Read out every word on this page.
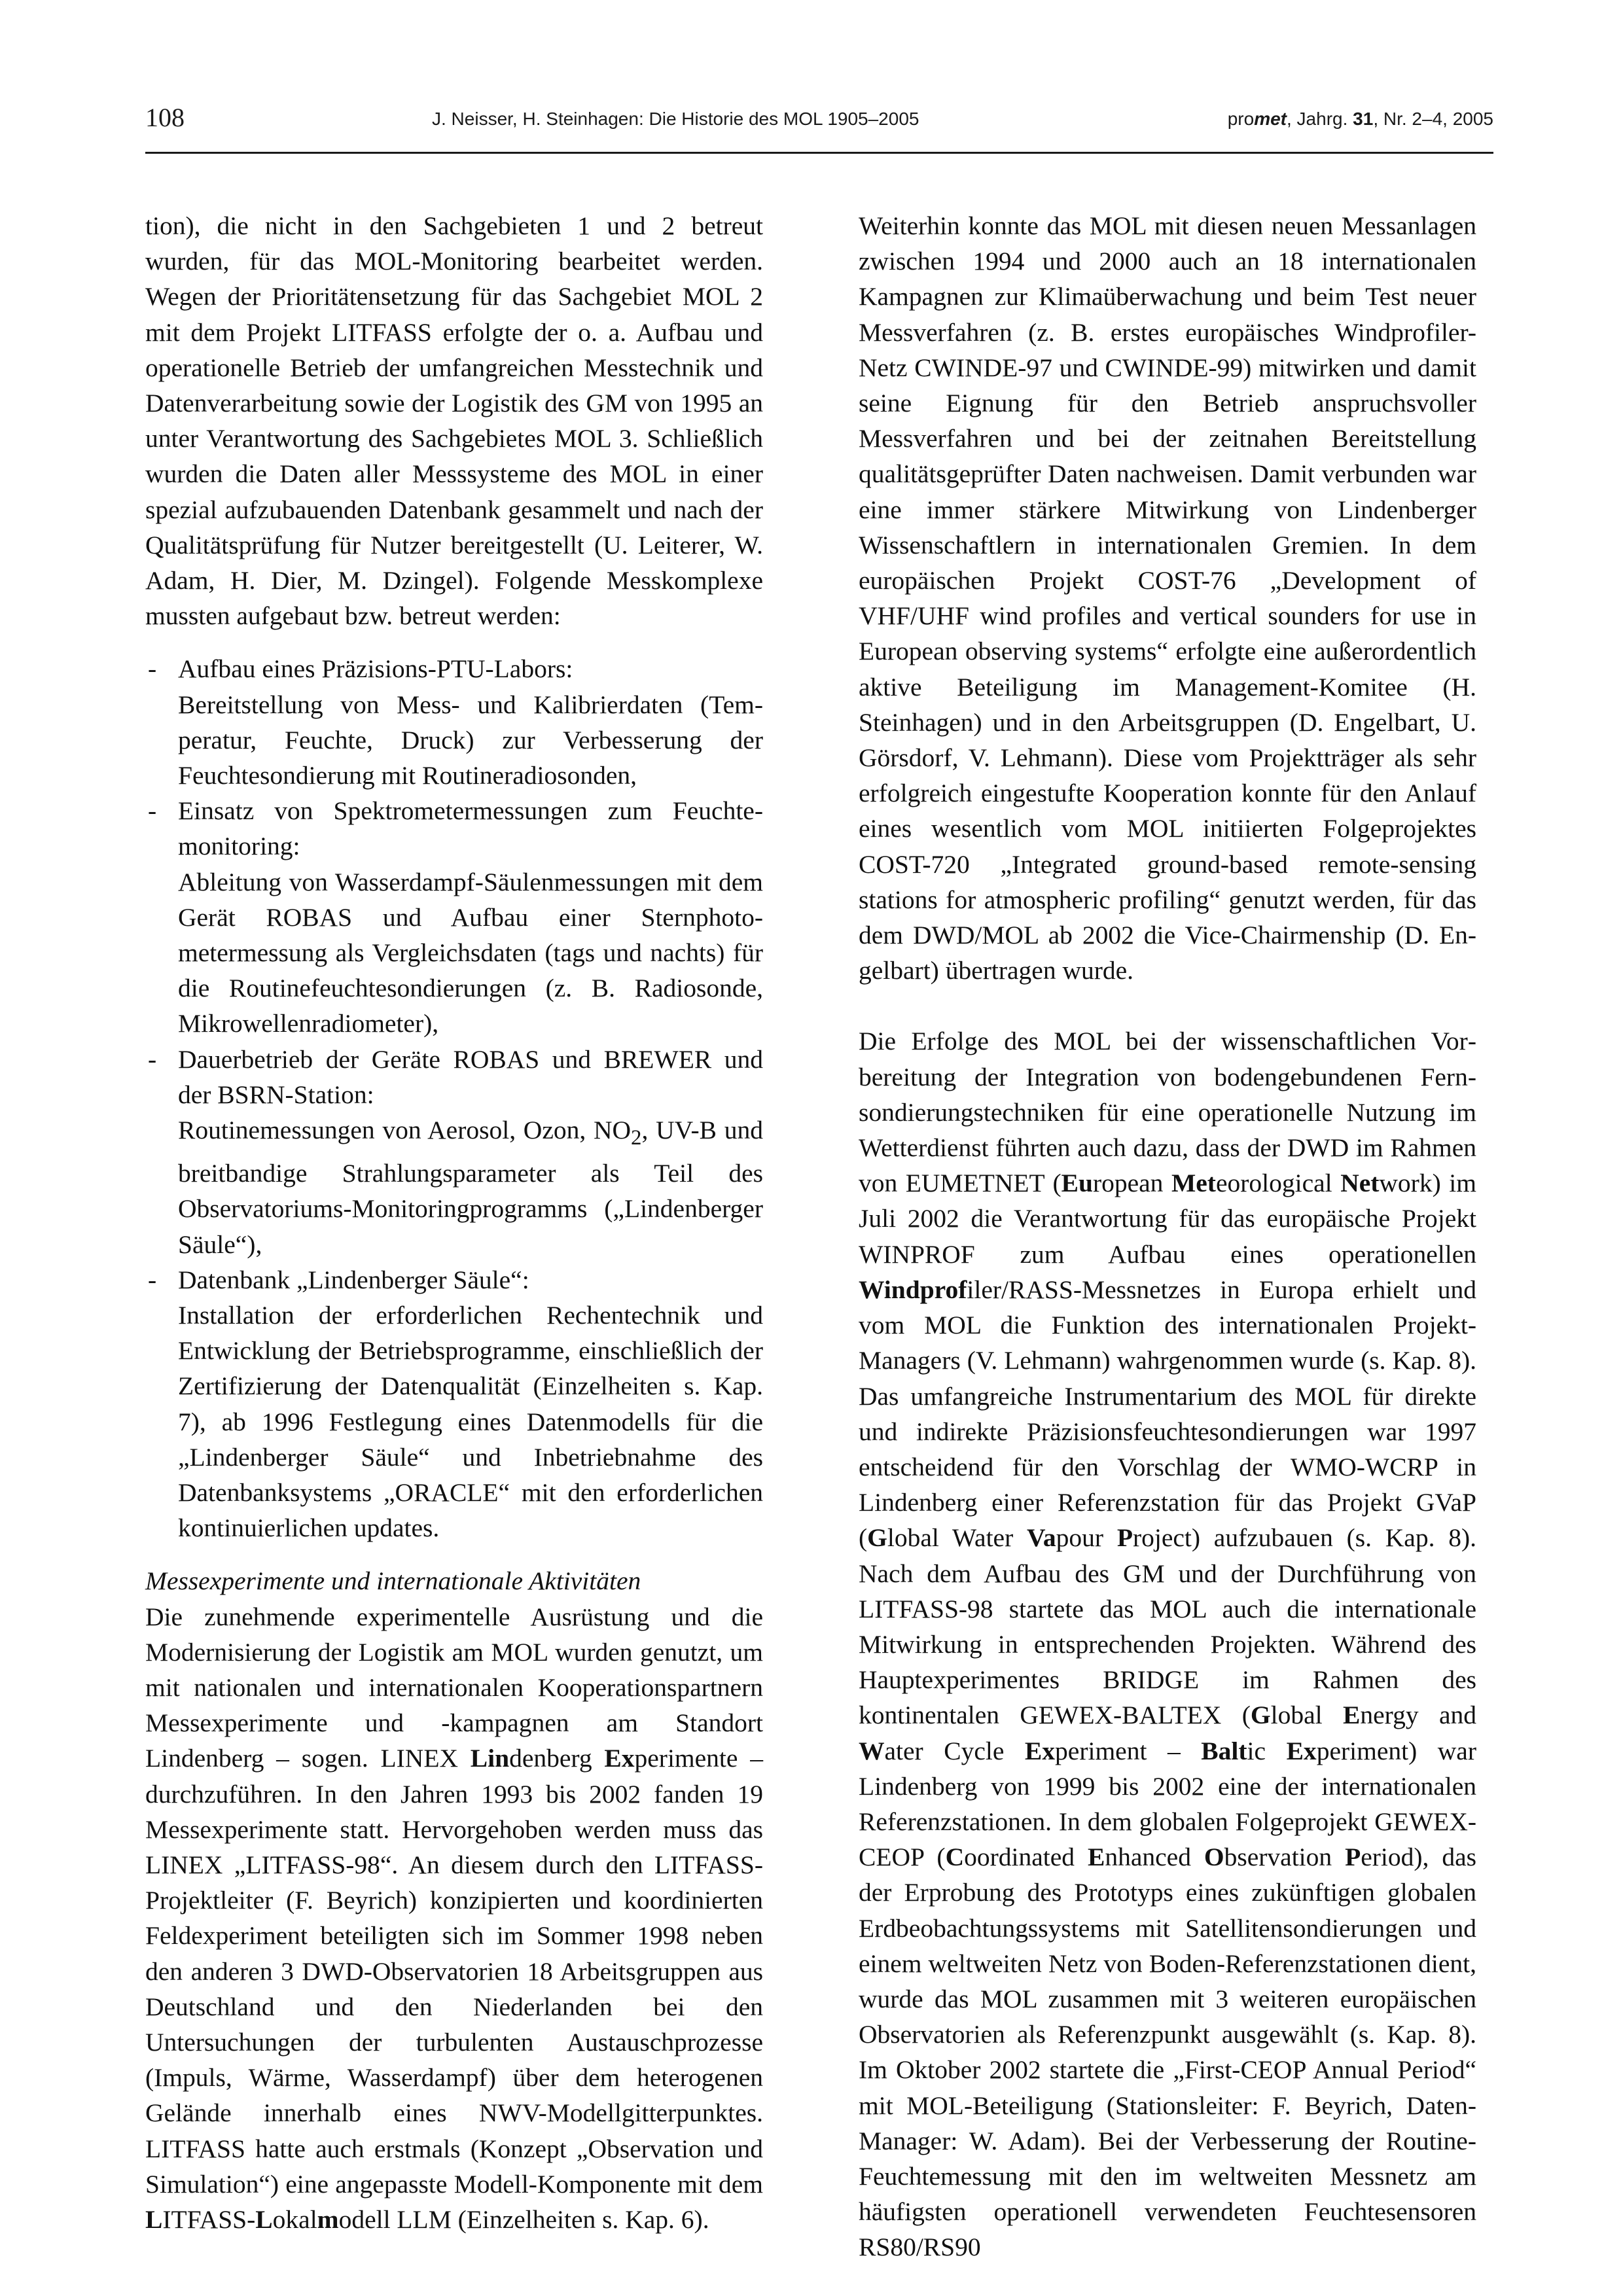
108	J. Neisser, H. Steinhagen: Die Historie des MOL 1905–2005	promet, Jahrg. 31, Nr. 2–4, 2005

tion), die nicht in den Sachgebieten 1 und 2 betreut wurden, für das MOL-Monitoring bearbeitet werden. Wegen der Prioritätensetzung für das Sachgebiet MOL 2 mit dem Projekt LITFASS erfolgte der o. a. Aufbau und operationelle Betrieb der umfangreichen Messtechnik und Datenverarbeitung sowie der Logistik des GM von 1995 an unter Verantwortung des Sachgebietes MOL 3. Schließlich wurden die Daten aller Messsysteme des MOL in einer spezial aufzubauenden Datenbank gesammelt und nach der Qualitätsprüfung für Nutzer bereitgestellt (U. Leiterer, W. Adam, H. Dier, M. Dzingel). Folgende Messkomplexe mussten aufgebaut bzw. betreut werden:

- Aufbau eines Präzisions-PTU-Labors:
Bereitstellung von Mess- und Kalibrierdaten (Temperatur, Feuchte, Druck) zur Verbesserung der Feuchtesondierung mit Routineradiosonden,
- Einsatz von Spektrometermessungen zum Feuchtemonitoring:
Ableitung von Wasserdampf-Säulenmessungen mit dem Gerät ROBAS und Aufbau einer Sternphotometermessung als Vergleichsdaten (tags und nachts) für die Routinefeuchtesondierungen (z. B. Radiosonde, Mikrowellenradiometer),
- Dauerbetrieb der Geräte ROBAS und BREWER und der BSRN-Station:
Routinemessungen von Aerosol, Ozon, $NO_2$, UV-B und breitbandige Strahlungsparameter als Teil des Observatoriums-Monitoringprogramms („Lindenberger Säule“),
- Datenbank „Lindenberger Säule“:
Installation der erforderlichen Rechentechnik und Entwicklung der Betriebsprogramme, einschließlich der Zertifizierung der Datenqualität (Einzelheiten s. Kap. 7), ab 1996 Festlegung eines Datenmodells für die „Lindenberger Säule“ und Inbetriebnahme des Datenbanksystems „ORACLE“ mit den erforderlichen kontinuierlichen updates.

Messexperimente und internationale Aktivitäten

Die zunehmende experimentelle Ausrüstung und die Modernisierung der Logistik am MOL wurden genutzt, um mit nationalen und internationalen Kooperationspartnern Messexperimente und -kampagnen am Standort Lindenberg – sogen. LINEX Lindenberg Experimente – durchzuführen. In den Jahren 1993 bis 2002 fanden 19 Messexperimente statt. Hervorgehoben werden muss das LINEX „LITFASS-98“. An diesem durch den LITFASS-Projektleiter (F. Beyrich) konzipierten und koordinierten Feldexperiment beteiligten sich im Sommer 1998 neben den anderen 3 DWD-Observatorien 18 Arbeitsgruppen aus Deutschland und den Niederlanden bei den Untersuchungen der turbulenten Austauschprozesse (Impuls, Wärme, Wasserdampf) über dem heterogenen Gelände innerhalb eines NWV-Modellgitterpunktes. LITFASS hatte auch erstmals (Konzept „Observation und Simulation“) eine angepasste Modell-Komponente mit dem LITFASS-Lokalmodell LLM (Einzelheiten s. Kap. 6).

Weiterhin konnte das MOL mit diesen neuen Messanlagen zwischen 1994 und 2000 auch an 18 internationalen Kampagnen zur Klimaüberwachung und beim Test neuer Messverfahren (z. B. erstes europäisches Windprofiler-Netz CWINDE-97 und CWINDE-99) mitwirken und damit seine Eignung für den Betrieb anspruchsvoller Messverfahren und bei der zeitnahen Bereitstellung qualitätsgeprüfter Daten nachweisen. Damit verbunden war eine immer stärkere Mitwirkung von Lindenberger Wissenschaftlern in internationalen Gremien. In dem europäischen Projekt COST-76 „Development of VHF/UHF wind profiles and vertical sounders for use in European observing systems“ erfolgte eine außerordentlich aktive Beteiligung im Management-Komitee (H. Steinhagen) und in den Arbeitsgruppen (D. Engelbart, U. Görsdorf, V. Lehmann). Diese vom Projektträger als sehr erfolgreich eingestufte Kooperation konnte für den Anlauf eines wesentlich vom MOL initiierten Folgeprojektes COST-720 „Integrated ground-based remote-sensing stations for atmospheric profiling“ genutzt werden, für das dem DWD/MOL ab 2002 die Vice-Chairmenship (D. Engelbart) übertragen wurde.

Die Erfolge des MOL bei der wissenschaftlichen Vorbereitung der Integration von bodengebundenen Fernsondierungstechniken für eine operationelle Nutzung im Wetterdienst führten auch dazu, dass der DWD im Rahmen von EUMETNET (European Meteorological Network) im Juli 2002 die Verantwortung für das europäische Projekt WINPROF zum Aufbau eines operationellen Windprofiler/RASS-Messnetzes in Europa erhielt und vom MOL die Funktion des internationalen Projekt-Managers (V. Lehmann) wahrgenommen wurde (s. Kap. 8). Das umfangreiche Instrumentarium des MOL für direkte und indirekte Präzisionsfeuchtesondierungen war 1997 entscheidend für den Vorschlag der WMO-WCRP in Lindenberg einer Referenzstation für das Projekt GVaP (Global Water Vapour Project) aufzubauen (s. Kap. 8). Nach dem Aufbau des GM und der Durchführung von LITFASS-98 startete das MOL auch die internationale Mitwirkung in entsprechenden Projekten. Während des Hauptexperimentes BRIDGE im Rahmen des kontinentalen GEWEX-BALTEX (Global Energy and Water Cycle Experiment – Baltic Experiment) war Lindenberg von 1999 bis 2002 eine der internationalen Referenzstationen. In dem globalen Folgeprojekt GEWEX-CEOP (Coordinated Enhanced Observation Period), das der Erprobung des Prototyps eines zukünftigen globalen Erdbeobachtungssystems mit Satellitensondierungen und einem weltweiten Netz von Boden-Referenzstationen dient, wurde das MOL zusammen mit 3 weiteren europäischen Observatorien als Referenzpunkt ausgewählt (s. Kap. 8). Im Oktober 2002 startete die „First-CEOP Annual Period“ mit MOL-Beteiligung (Stationsleiter: F. Beyrich, Daten-Manager: W. Adam). Bei der Verbesserung der Routine-Feuchtemessung mit den im weltweiten Messnetz am häufigsten operationell verwendeten Feuchtesensoren RS80/RS90
